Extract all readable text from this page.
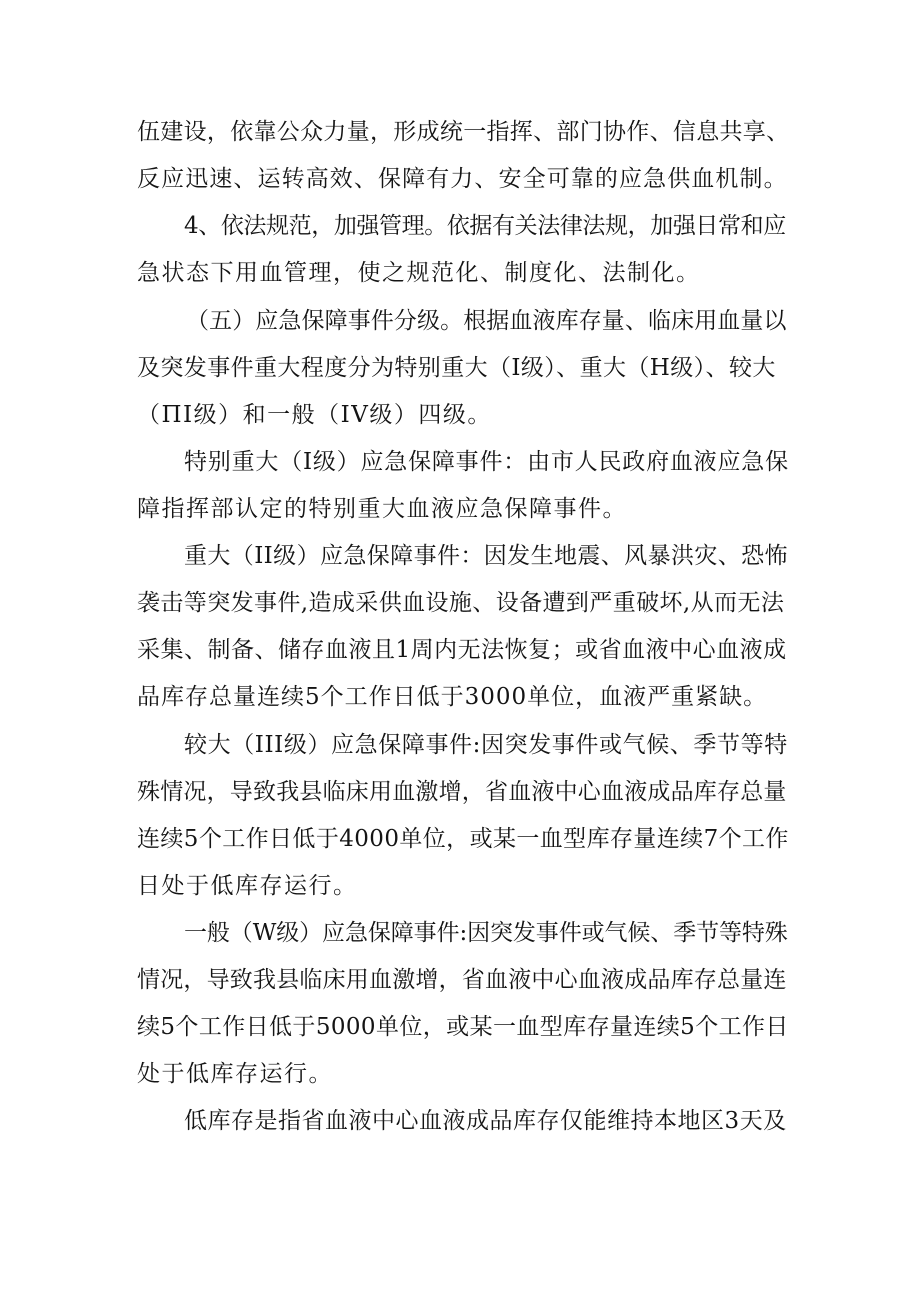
伍建设，依靠公众力量，形成统一指挥、部门协作、信息共享、
反应迅速、运转高效、保障有力、安全可靠的应急供血机制。
4、依法规范，加强管理。依据有关法律法规，加强日常和应
急状态下用血管理，使之规范化、制度化、法制化。
（五）应急保障事件分级。根据血液库存量、临床用血量以
及突发事件重大程度分为特别重大（I级）、重大（H级）、较大
（ΠI级）和一般（IV级）四级。
特别重大（I级）应急保障事件：由市人民政府血液应急保
障指挥部认定的特别重大血液应急保障事件。
重大（II级）应急保障事件：因发生地震、风暴洪灾、恐怖
袭击等突发事件,造成采供血设施、设备遭到严重破坏,从而无法
采集、制备、储存血液且1周内无法恢复；或省血液中心血液成
品库存总量连续5个工作日低于3000单位，血液严重紧缺。
较大（III级）应急保障事件:因突发事件或气候、季节等特
殊情况，导致我县临床用血激增，省血液中心血液成品库存总量
连续5个工作日低于4000单位，或某一血型库存量连续7个工作
日处于低库存运行。
一般（W级）应急保障事件:因突发事件或气候、季节等特殊
情况，导致我县临床用血激增，省血液中心血液成品库存总量连
续5个工作日低于5000单位，或某一血型库存量连续5个工作日
处于低库存运行。
低库存是指省血液中心血液成品库存仅能维持本地区3天及
